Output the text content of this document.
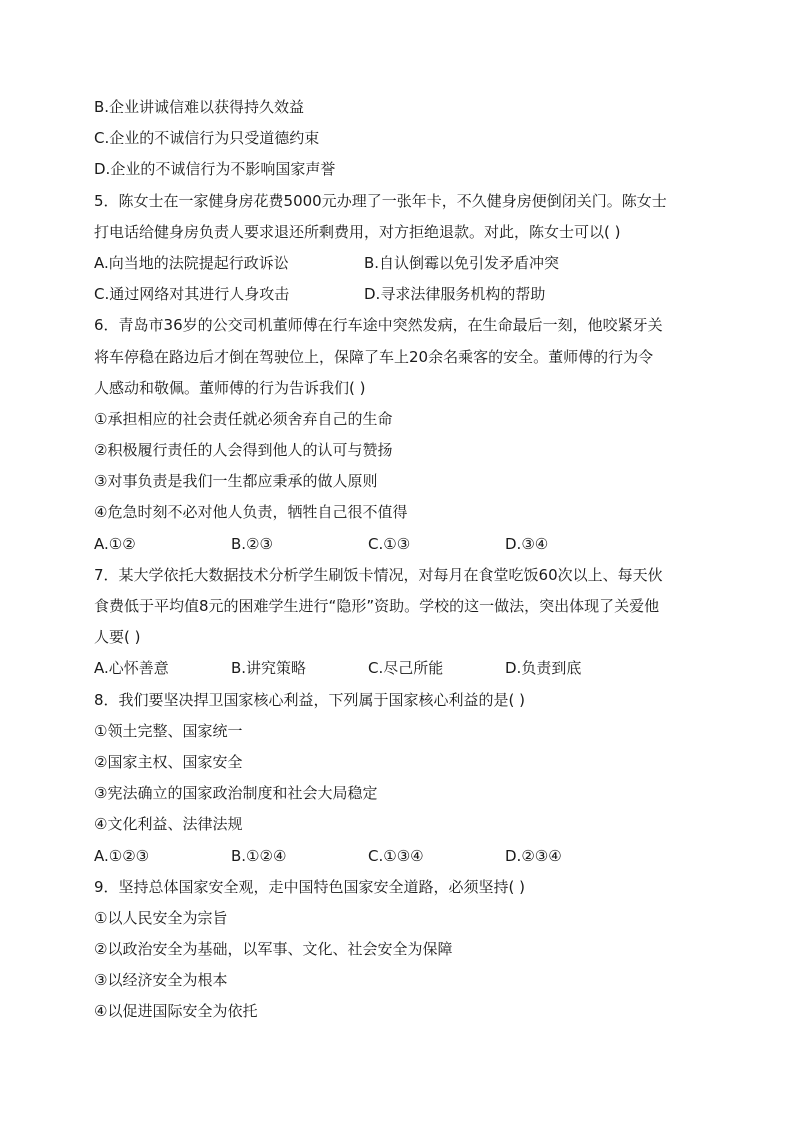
B.企业讲诚信难以获得持久效益
C.企业的不诚信行为只受道德约束
D.企业的不诚信行为不影响国家声誉
5．陈女士在一家健身房花费5000元办理了一张年卡，不久健身房便倒闭关门。陈女士
打电话给健身房负责人要求退还所剩费用，对方拒绝退款。对此，陈女士可以( )
A.向当地的法院提起行政诉讼	B.自认倒霉以免引发矛盾冲突
C.通过网络对其进行人身攻击	D.寻求法律服务机构的帮助
6．青岛市36岁的公交司机董师傅在行车途中突然发病，在生命最后一刻，他咬紧牙关
将车停稳在路边后才倒在驾驶位上，保障了车上20余名乘客的安全。董师傅的行为令
人感动和敬佩。董师傅的行为告诉我们( )
①承担相应的社会责任就必须舍弃自己的生命
②积极履行责任的人会得到他人的认可与赞扬
③对事负责是我们一生都应秉承的做人原则
④危急时刻不必对他人负责，牺牲自己很不值得
A.①②	B.②③	C.①③	D.③④
7．某大学依托大数据技术分析学生刷饭卡情况，对每月在食堂吃饭60次以上、每天伙
食费低于平均值8元的困难学生进行“隐形”资助。学校的这一做法，突出体现了关爱他
人要( )
A.心怀善意	B.讲究策略	C.尽己所能	D.负责到底
8．我们要坚决捍卫国家核心利益，下列属于国家核心利益的是( )
①领土完整、国家统一
②国家主权、国家安全
③宪法确立的国家政治制度和社会大局稳定
④文化利益、法律法规
A.①②③	B.①②④	C.①③④	D.②③④
9．坚持总体国家安全观，走中国特色国家安全道路，必须坚持( )
①以人民安全为宗旨
②以政治安全为基础，以军事、文化、社会安全为保障
③以经济安全为根本
④以促进国际安全为依托
